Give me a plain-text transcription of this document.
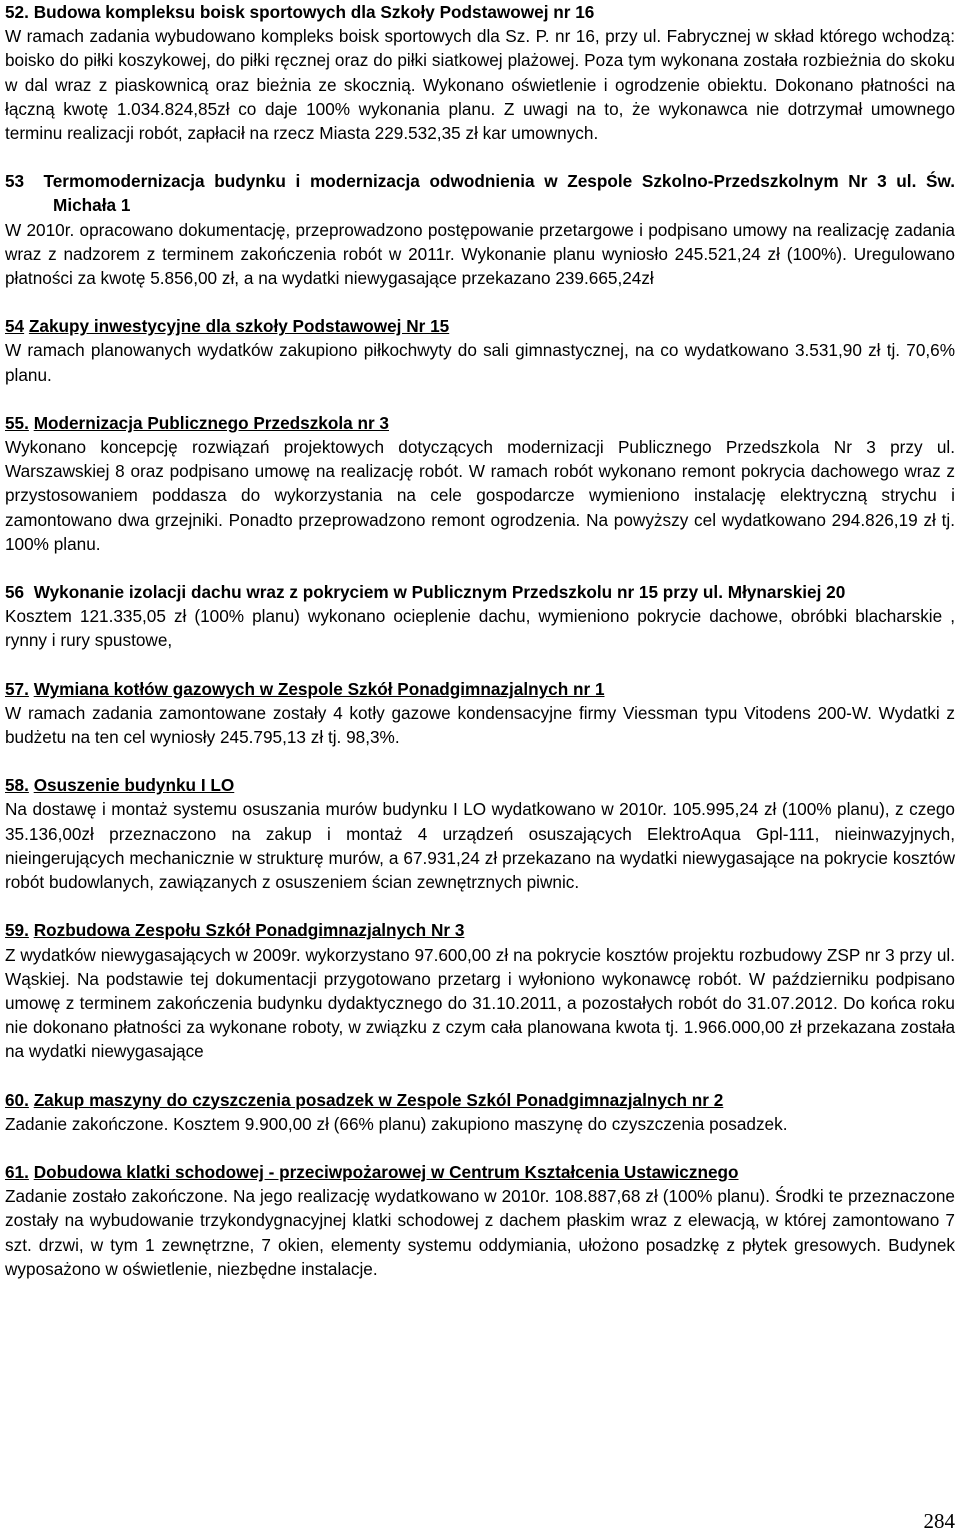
52. Budowa kompleksu boisk sportowych dla Szkoły Podstawowej nr 16

W ramach zadania wybudowano kompleks boisk sportowych dla Sz. P. nr 16, przy ul. Fabrycznej w skład którego wchodzą: boisko do piłki koszykowej, do piłki ręcznej oraz do piłki siatkowej plażowej. Poza tym wykonana została rozbieżnia do skoku w dal wraz z piaskownicą oraz bieżnia ze skocznią. Wykonano oświetlenie i ogrodzenie obiektu. Dokonano płatności na łączną kwotę 1.034.824,85zł co daje 100% wykonania planu. Z uwagi na to, że wykonawca nie dotrzymał umownego terminu realizacji robót, zapłacił na rzecz Miasta 229.532,35 zł kar umownych.

53 Termomodernizacja budynku i modernizacja odwodnienia w Zespole Szkolno-Przedszkolnym Nr 3 ul. Św. Michała 1

W 2010r. opracowano dokumentację, przeprowadzono postępowanie przetargowe i podpisano umowy na realizację zadania wraz z nadzorem z terminem zakończenia robót w 2011r. Wykonanie planu wyniosło 245.521,24 zł (100%). Uregulowano płatności za kwotę 5.856,00 zł, a na wydatki niewygasające przekazano 239.665,24zł

54 Zakupy inwestycyjne dla szkoły Podstawowej Nr 15

W ramach planowanych wydatków zakupiono piłkochwyty do sali gimnastycznej, na co wydatkowano 3.531,90 zł tj. 70,6% planu.

55. Modernizacja Publicznego Przedszkola nr 3

Wykonano koncepcję rozwiązań projektowych dotyczących modernizacji Publicznego Przedszkola Nr 3 przy ul. Warszawskiej 8 oraz podpisano umowę na realizację robót. W ramach robót wykonano remont pokrycia dachowego wraz z przystosowaniem poddasza do wykorzystania na cele gospodarcze wymieniono instalację elektryczną strychu i zamontowano dwa grzejniki. Ponadto przeprowadzono remont ogrodzenia. Na powyższy cel wydatkowano 294.826,19 zł tj. 100% planu.

56 Wykonanie izolacji dachu wraz z pokryciem w Publicznym Przedszkolu nr 15 przy ul. Młynarskiej 20

Kosztem 121.335,05 zł (100% planu) wykonano ocieplenie dachu, wymieniono pokrycie dachowe, obróbki blacharskie , rynny i rury spustowe,

57. Wymiana kotłów gazowych w Zespole Szkół Ponadgimnazjalnych nr 1

W ramach zadania zamontowane zostały 4 kotły gazowe kondensacyjne firmy Viessman typu Vitodens 200-W. Wydatki z budżetu na ten cel wyniosły 245.795,13 zł tj. 98,3%.

58. Osuszenie budynku I LO

Na dostawę i montaż systemu osuszania murów budynku I LO wydatkowano w 2010r. 105.995,24 zł (100% planu), z czego 35.136,00zł przeznaczono na zakup i montaż 4 urządzeń osuszających ElektroAqua Gpl-111, nieinwazyjnych, nieingerujących mechanicznie w strukturę murów, a 67.931,24 zł przekazano na wydatki niewygasające na pokrycie kosztów robót budowlanych, zawiązanych z osuszeniem ścian zewnętrznych piwnic.

59. Rozbudowa Zespołu Szkół Ponadgimnazjalnych Nr 3

Z wydatków niewygasających w 2009r. wykorzystano 97.600,00 zł na pokrycie kosztów projektu rozbudowy ZSP nr 3 przy ul. Wąskiej. Na podstawie tej dokumentacji przygotowano przetarg i wyłoniono wykonawcę robót. W październiku podpisano umowę z terminem zakończenia budynku dydaktycznego do 31.10.2011, a pozostałych robót do 31.07.2012. Do końca roku nie dokonano płatności za wykonane roboty, w związku z czym cała planowana kwota tj. 1.966.000,00 zł przekazana została na wydatki niewygasające

60. Zakup maszyny do czyszczenia posadzek w Zespole Szkól Ponadgimnazjalnych nr 2

Zadanie zakończone. Kosztem 9.900,00 zł (66% planu) zakupiono maszynę do czyszczenia posadzek.

61. Dobudowa klatki schodowej - przeciwpożarowej w Centrum Kształcenia Ustawicznego

Zadanie zostało zakończone. Na jego realizację wydatkowano w 2010r. 108.887,68 zł (100% planu). Środki te przeznaczone zostały na wybudowanie trzykondygnacyjnej klatki schodowej z dachem płaskim wraz z elewacją, w której zamontowano 7 szt. drzwi, w tym 1 zewnętrzne, 7 okien, elementy systemu oddymiania, ułożono posadzkę z płytek gresowych. Budynek wyposażono w oświetlenie, niezbędne instalacje.

284
